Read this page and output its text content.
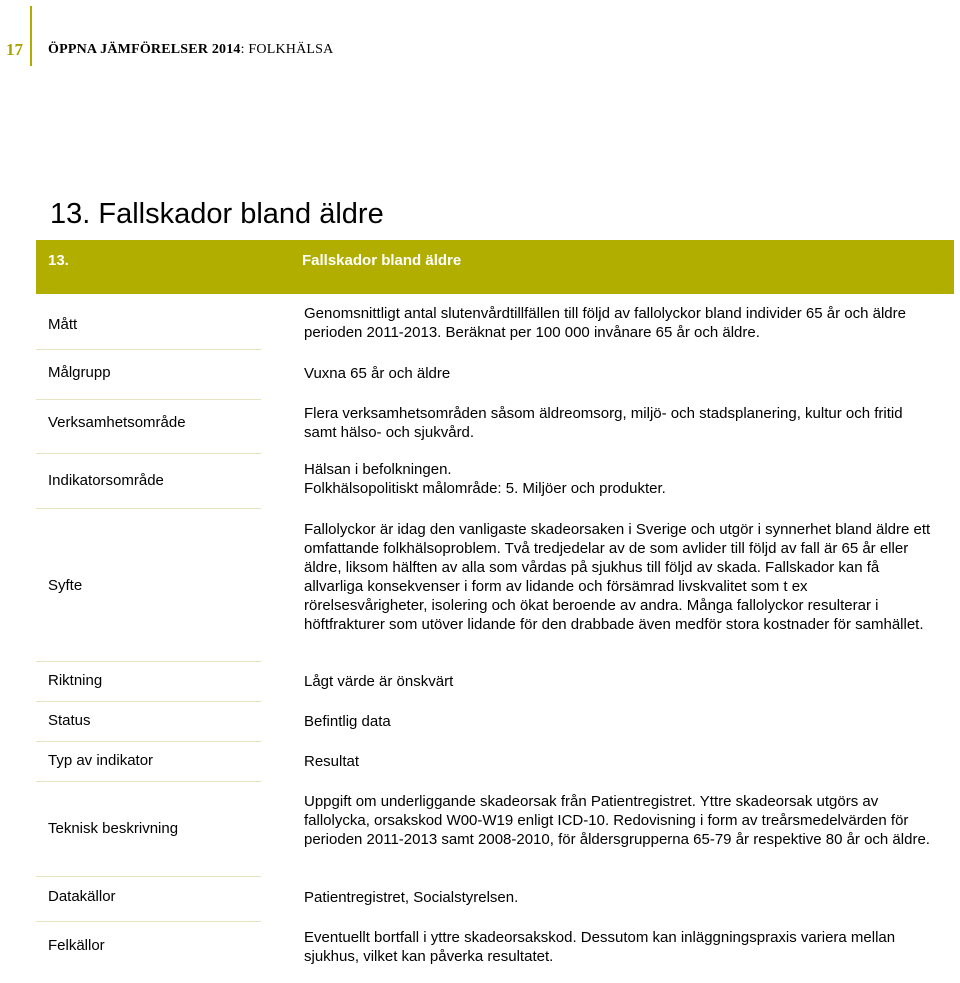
17 ÖPPNA JÄMFÖRELSER 2014: FOLKHÄLSA
13. Fallskador bland äldre
13.	Fallskador bland äldre
Mått
Målgrupp
Verksamhetsområde
Indikatorsområde
Syfte
Riktning
Status
Typ av indikator
Teknisk beskrivning
Datakällor
Felkällor
Genomsnittligt antal slutenvårdtillfällen till följd av fallolyckor bland individer 65 år och äldre perioden 2011-2013. Beräknat per 100 000 invånare 65 år och äldre.
Vuxna 65 år och äldre
Flera verksamhetsområden såsom äldreomsorg, miljö- och stadsplanering, kultur och fritid samt hälso- och sjukvård.

Hälsan i befolkningen.

Folkhälsopolitiskt målområde: 5. Miljöer och produkter.

Fallolyckor är idag den vanligaste skadeorsaken i Sverige och utgör i synnerhet bland äldre ett omfattande folkhälsoproblem. Två tredjedelar av de som avlider till följd av fall är 65 år eller äldre, liksom hälften av alla som vårdas på sjukhus till följd av skada. Fallskador kan få allvarliga konsekvenser i form av lidande och försämrad livskvalitet som t ex rörelsesvårigheter, isolering och ökat beroende av andra. Många fallolyckor resulterar i höftfrakturer som utöver lidande för den drabbade även medför stora kostnader för samhället.
Lågt värde är önskvärt
Befintlig data
Resultat
Uppgift om underliggande skadeorsak från Patientregistret. Yttre skadeorsak utgörs av fallolycka, orsakskod W00-W19 enligt ICD-10. Redovisning i form av treårsmedelvärden för perioden 2011-2013 samt 2008-2010, för åldersgrupperna 65-79 år respektive 80 år och äldre.
Patientregistret, Socialstyrelsen.
Eventuellt bortfall i yttre skadeorsakskod. Dessutom kan inläggningspraxis variera mellan sjukhus, vilket kan påverka resultatet.
